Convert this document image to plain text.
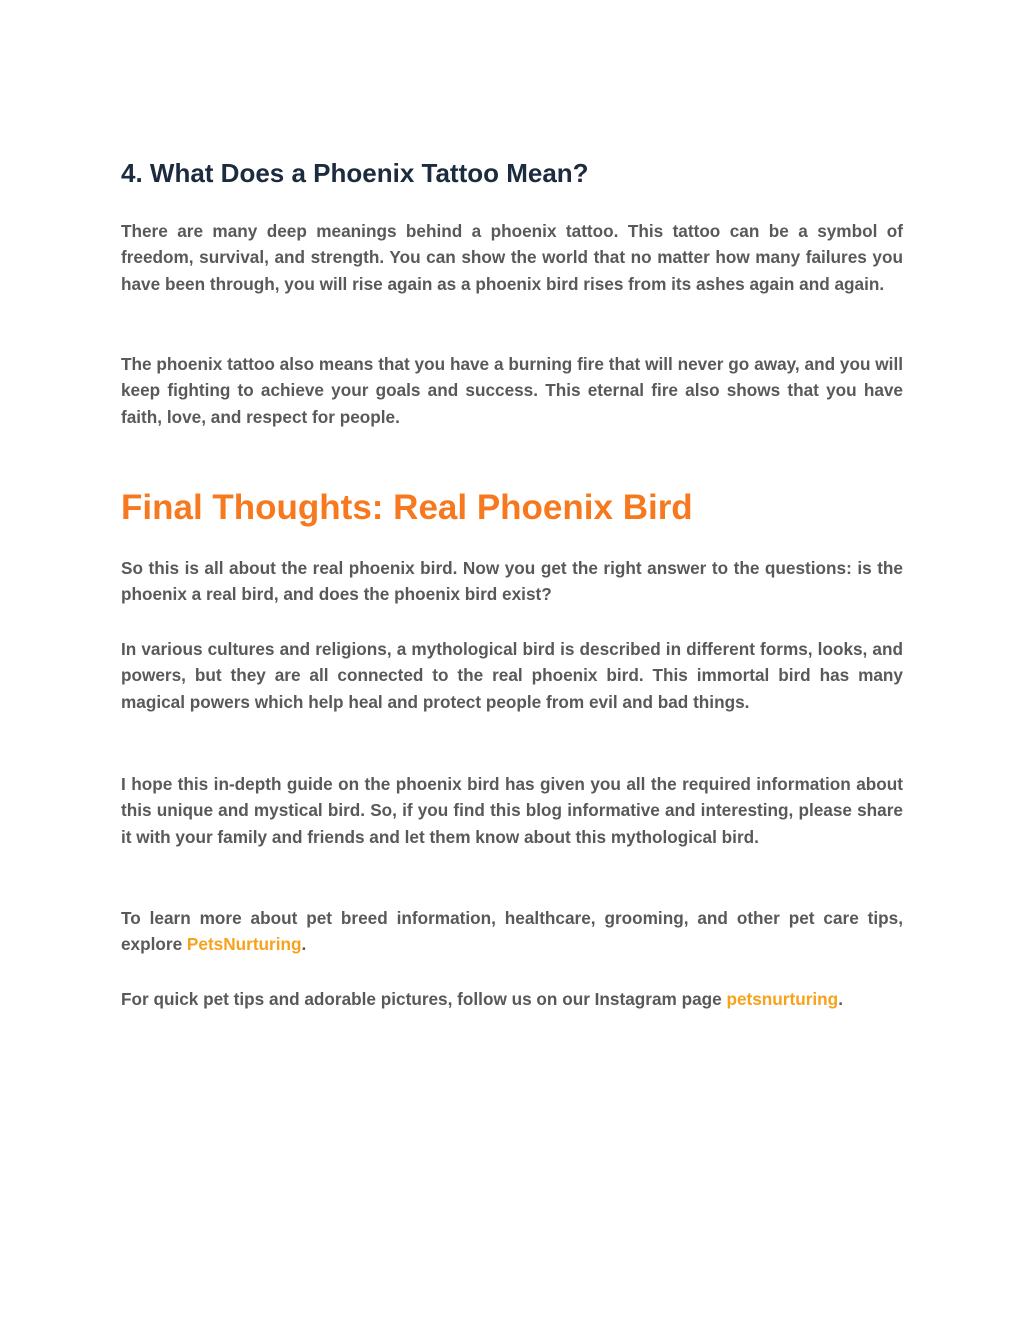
4. What Does a Phoenix Tattoo Mean?

There are many deep meanings behind a phoenix tattoo. This tattoo can be a symbol of freedom, survival, and strength. You can show the world that no matter how many failures you have been through, you will rise again as a phoenix bird rises from its ashes again and again.

The phoenix tattoo also means that you have a burning fire that will never go away, and you will keep fighting to achieve your goals and success. This eternal fire also shows that you have faith, love, and respect for people.

Final Thoughts: Real Phoenix Bird

So this is all about the real phoenix bird. Now you get the right answer to the questions: is the phoenix a real bird, and does the phoenix bird exist?

In various cultures and religions, a mythological bird is described in different forms, looks, and powers, but they are all connected to the real phoenix bird. This immortal bird has many magical powers which help heal and protect people from evil and bad things.

I hope this in-depth guide on the phoenix bird has given you all the required information about this unique and mystical bird. So, if you find this blog informative and interesting, please share it with your family and friends and let them know about this mythological bird.

To learn more about pet breed information, healthcare, grooming, and other pet care tips, explore PetsNurturing.

For quick pet tips and adorable pictures, follow us on our Instagram page petsnurturing.
